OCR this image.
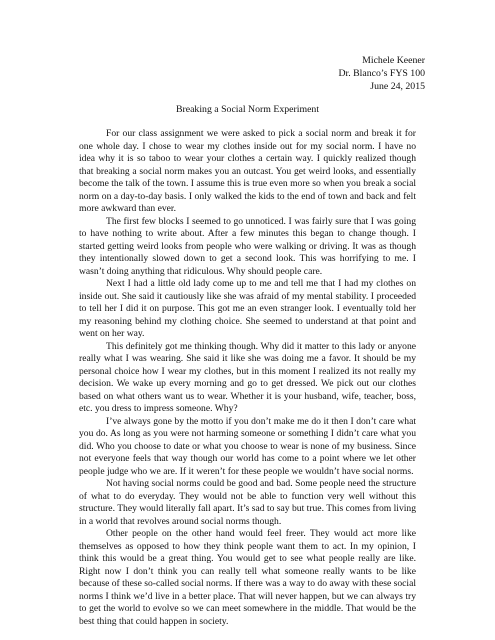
Michele Keener
Dr. Blanco’s FYS 100
June 24, 2015
Breaking a Social Norm Experiment

For our class assignment we were asked to pick a social norm and break it for one whole day. I chose to wear my clothes inside out for my social norm. I have no idea why it is so taboo to wear your clothes a certain way. I quickly realized though that breaking a social norm makes you an outcast. You get weird looks, and essentially become the talk of the town. I assume this is true even more so when you break a social norm on a day-to-day basis. I only walked the kids to the end of town and back and felt more awkward than ever.

The first few blocks I seemed to go unnoticed. I was fairly sure that I was going to have nothing to write about. After a few minutes this began to change though. I started getting weird looks from people who were walking or driving. It was as though they intentionally slowed down to get a second look. This was horrifying to me. I wasn’t doing anything that ridiculous. Why should people care.

Next I had a little old lady come up to me and tell me that I had my clothes on inside out. She said it cautiously like she was afraid of my mental stability. I proceeded to tell her I did it on purpose. This got me an even stranger look. I eventually told her my reasoning behind my clothing choice. She seemed to understand at that point and went on her way.

This definitely got me thinking though. Why did it matter to this lady or anyone really what I was wearing. She said it like she was doing me a favor. It should be my personal choice how I wear my clothes, but in this moment I realized its not really my decision. We wake up every morning and go to get dressed. We pick out our clothes based on what others want us to wear. Whether it is your husband, wife, teacher, boss, etc. you dress to impress someone. Why?

I’ve always gone by the motto if you don’t make me do it then I don’t care what you do. As long as you were not harming someone or something I didn’t care what you did. Who you choose to date or what you choose to wear is none of my business. Since not everyone feels that way though our world has come to a point where we let other people judge who we are. If it weren’t for these people we wouldn’t have social norms.

Not having social norms could be good and bad. Some people need the structure of what to do everyday. They would not be able to function very well without this structure. They would literally fall apart. It’s sad to say but true. This comes from living in a world that revolves around social norms though.

Other people on the other hand would feel freer. They would act more like themselves as opposed to how they think people want them to act. In my opinion, I think this would be a great thing. You would get to see what people really are like. Right now I don’t think you can really tell what someone really wants to be like because of these so-called social norms. If there was a way to do away with these social norms I think we’d live in a better place. That will never happen, but we can always try to get the world to evolve so we can meet somewhere in the middle. That would be the best thing that could happen in society.
